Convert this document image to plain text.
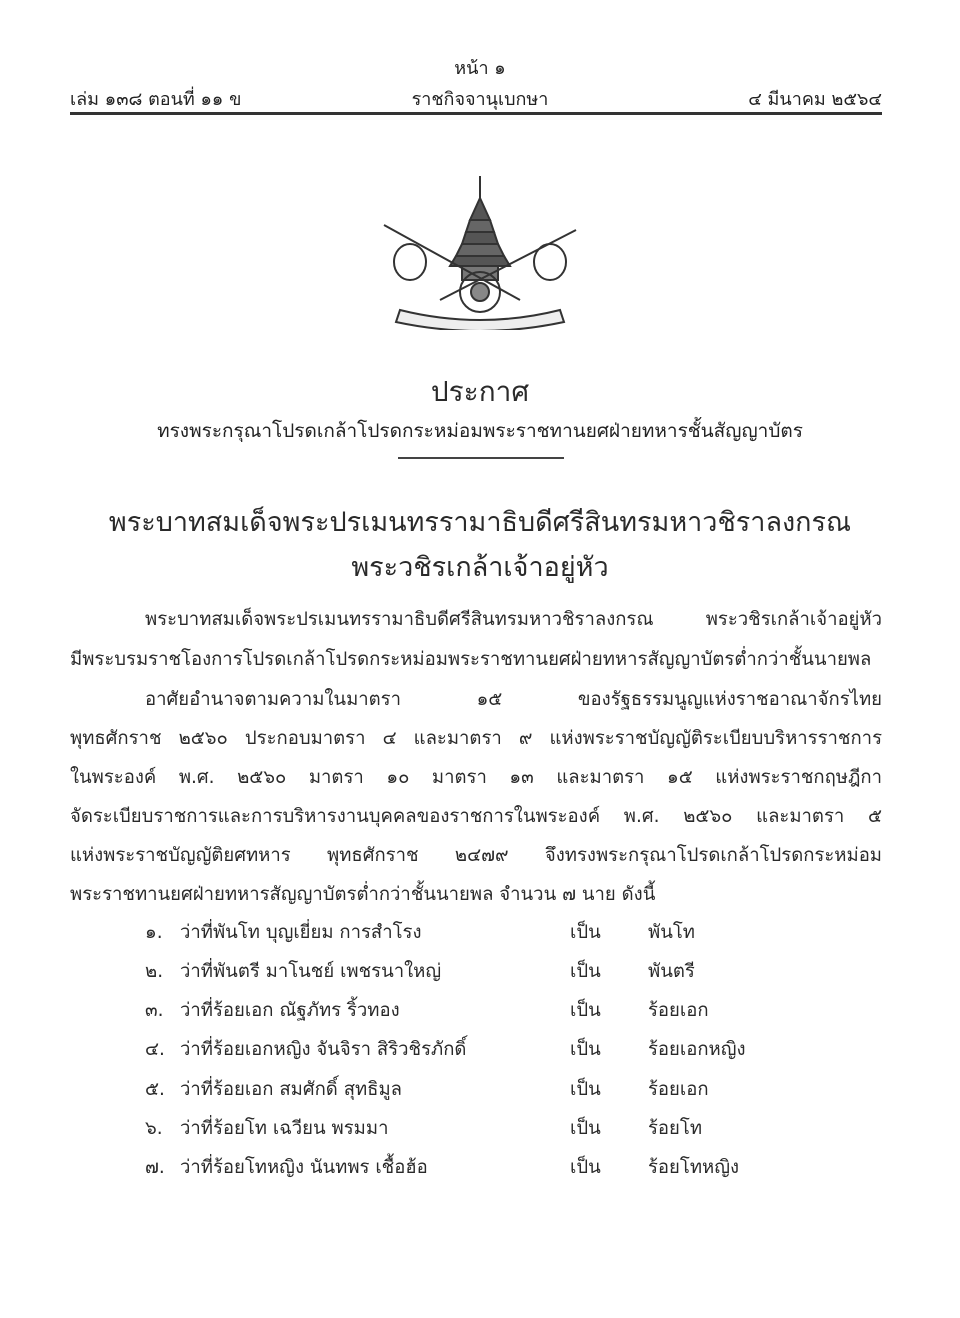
หน้า ๑
เล่ม ๑๓๘ ตอนที่ ๑๑ ข	ราชกิจจานุเบกษา	๔ มีนาคม ๒๕๖๔
ประกาศ
ทรงพระกรุณาโปรดเกล้าโปรดกระหม่อมพระราชทานยศฝ่ายทหารชั้นสัญญาบัตร
พระบาทสมเด็จพระปรเมนทรรามาธิบดีศรีสินทรมหาวชิราลงกรณ
พระวชิรเกล้าเจ้าอยู่หัว
พระบาทสมเด็จพระปรเมนทรรามาธิบดีศรีสินทรมหาวชิราลงกรณ พระวชิรเกล้าเจ้าอยู่หัว
มีพระบรมราชโองการโปรดเกล้าโปรดกระหม่อมพระราชทานยศฝ่ายทหารสัญญาบัตรต่ำกว่าชั้นนายพล
อาศัยอำนาจตามความในมาตรา ๑๕ ของรัฐธรรมนูญแห่งราชอาณาจักรไทย
พุทธศักราช ๒๕๖๐ ประกอบมาตรา ๔ และมาตรา ๙ แห่งพระราชบัญญัติระเบียบบริหารราชการ
ในพระองค์ พ.ศ. ๒๕๖๐ มาตรา ๑๐ มาตรา ๑๓ และมาตรา ๑๕ แห่งพระราชกฤษฎีกา
จัดระเบียบราชการและการบริหารงานบุคคลของราชการในพระองค์ พ.ศ. ๒๕๖๐ และมาตรา ๕
แห่งพระราชบัญญัติยศทหาร พุทธศักราช ๒๔๗๙ จึงทรงพระกรุณาโปรดเกล้าโปรดกระหม่อม
พระราชทานยศฝ่ายทหารสัญญาบัตรต่ำกว่าชั้นนายพล จำนวน ๗ นาย ดังนี้
๑. ว่าที่พันโท บุญเยี่ยม การสำโรง	เป็น	พันโท
๒. ว่าที่พันตรี มาโนชย์ เพชรนาใหญ่	เป็น	พันตรี
๓. ว่าที่ร้อยเอก ณัฐภัทร ริ้วทอง	เป็น	ร้อยเอก
๔. ว่าที่ร้อยเอกหญิง จันจิรา สิริวชิรภักดิ์	เป็น	ร้อยเอกหญิง
๕. ว่าที่ร้อยเอก สมศักดิ์ สุทธิมูล	เป็น	ร้อยเอก
๖. ว่าที่ร้อยโท เฉวียน พรมมา	เป็น	ร้อยโท
๗. ว่าที่ร้อยโทหญิง นันทพร เชื้อฮ้อ	เป็น	ร้อยโทหญิง
